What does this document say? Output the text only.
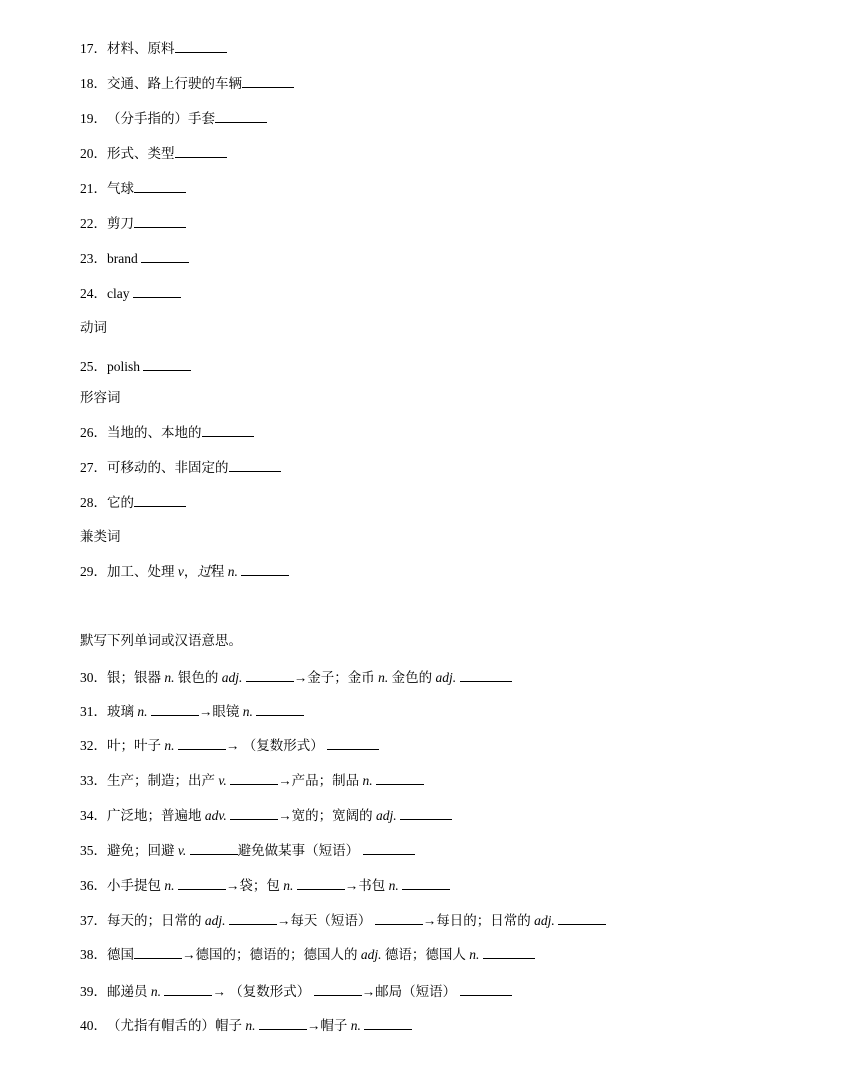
17．材料、原料
18．交通、路上行驶的车辆
19．（分手指的）手套
20．形式、类型
21．气球
22．剪刀
23．brand
24．clay
动词
25．polish
形容词
26．当地的、本地的
27．可移动的、非固定的
28．它的
兼类词
29．加工、处理 v，过程 n.
默写下列单词或汉语意思。
30．银；银器 n. 银色的 adj.	→金子；金币 n. 金色的 adj.
31．玻璃 n.	→眼镜 n.
32．叶；叶子 n.	→ （复数形式）
33．生产；制造；出产 v.	→产品；制品 n.
34．广泛地；普遍地 adv.	→宽的；宽阔的 adj.
35．避免；回避 v.	避免做某事（短语）
36．小手提包 n.	→袋；包 n.	→书包 n.
37．每天的；日常的 adj.	→每天（短语）	→每日的；日常的 adj.
38．德国	→德国的；德语的；德国人的 adj. 德语；德国人 n.
39．邮递员 n.	→ （复数形式）	→邮局（短语）
40．（尤指有帽舌的）帽子 n.	→帽子 n.
